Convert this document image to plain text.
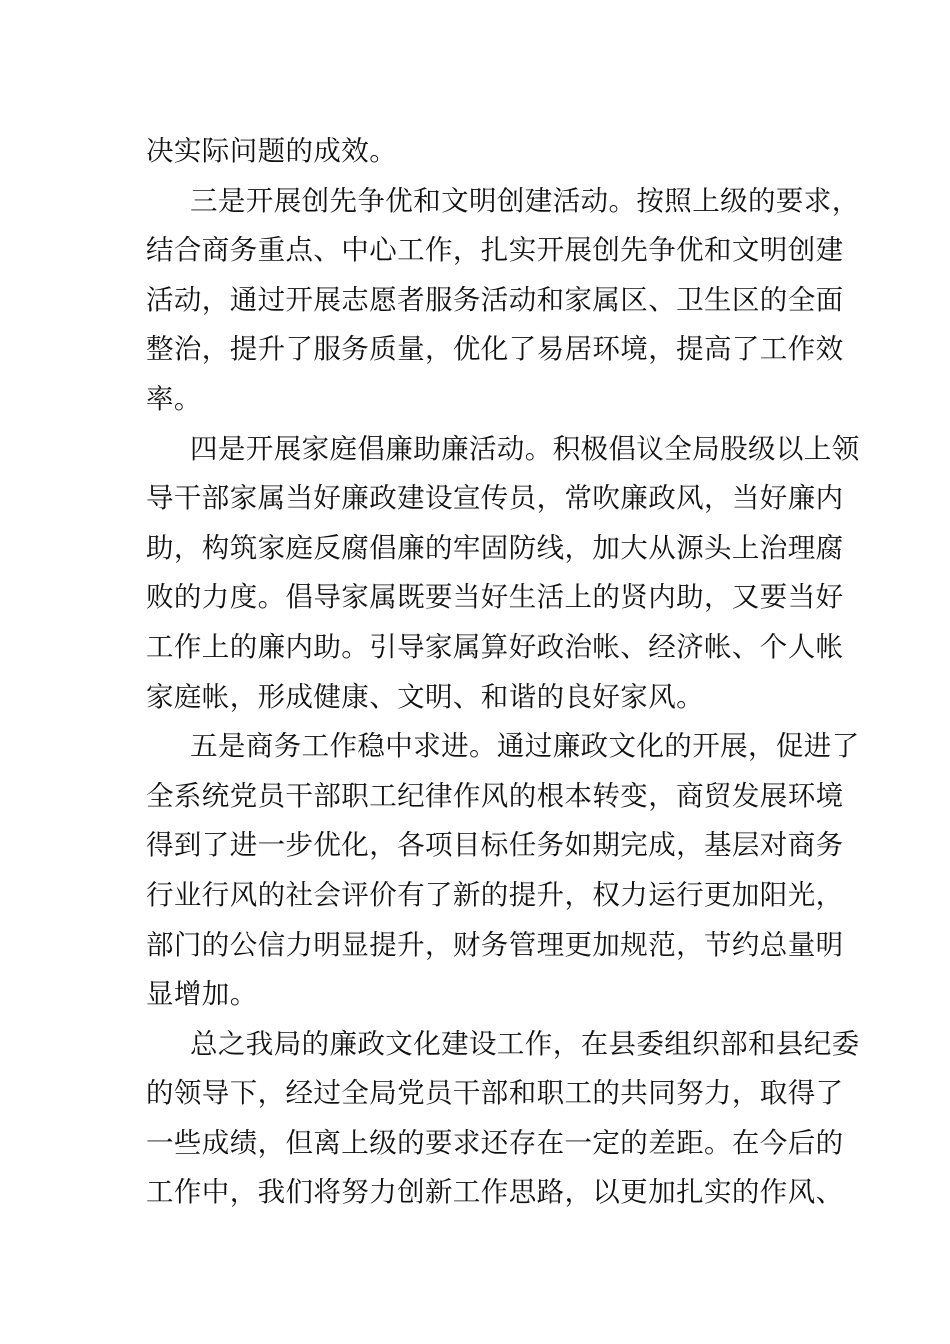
决实际问题的成效。

三是开展创先争优和文明创建活动。按照上级的要求，
结合商务重点、中心工作，扎实开展创先争优和文明创建
活动，通过开展志愿者服务活动和家属区、卫生区的全面
整治，提升了服务质量，优化了易居环境，提高了工作效
率。

四是开展家庭倡廉助廉活动。积极倡议全局股级以上领
导干部家属当好廉政建设宣传员，常吹廉政风，当好廉内
助，构筑家庭反腐倡廉的牢固防线，加大从源头上治理腐
败的力度。倡导家属既要当好生活上的贤内助，又要当好
工作上的廉内助。引导家属算好政治帐、经济帐、个人帐
家庭帐，形成健康、文明、和谐的良好家风。

五是商务工作稳中求进。通过廉政文化的开展，促进了
全系统党员干部职工纪律作风的根本转变，商贸发展环境
得到了进一步优化，各项目标任务如期完成，基层对商务
行业行风的社会评价有了新的提升，权力运行更加阳光，
部门的公信力明显提升，财务管理更加规范，节约总量明
显增加。

总之我局的廉政文化建设工作，在县委组织部和县纪委
的领导下，经过全局党员干部和职工的共同努力，取得了
一些成绩，但离上级的要求还存在一定的差距。在今后的
工作中，我们将努力创新工作思路，以更加扎实的作风、
